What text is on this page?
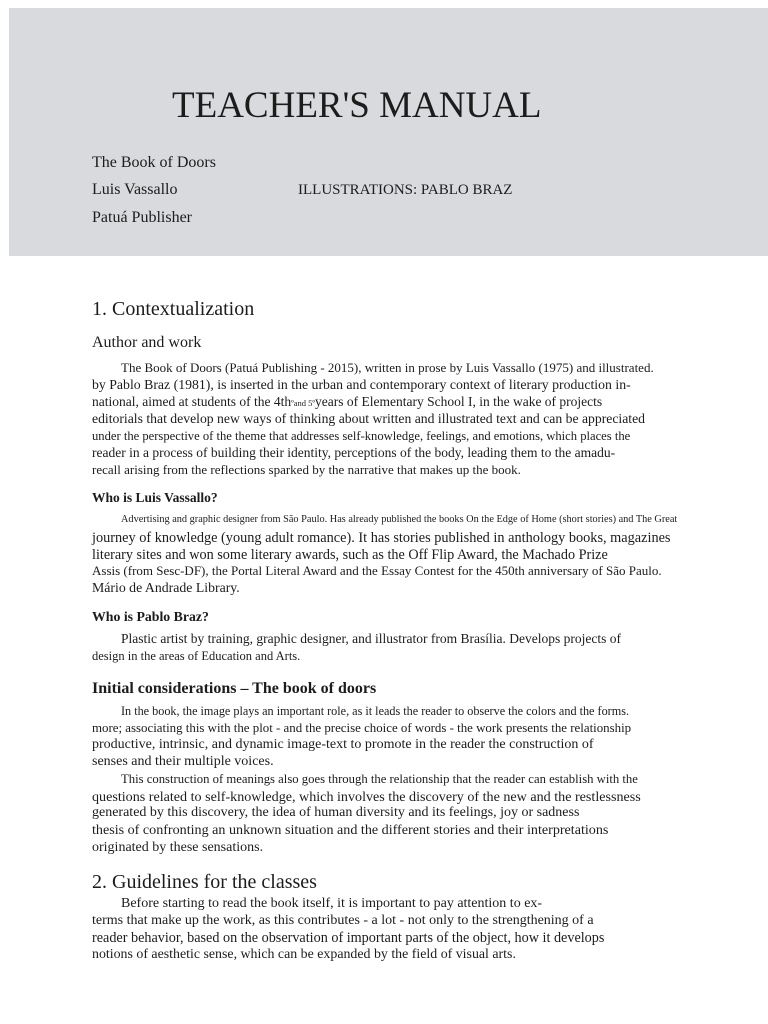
TEACHER'S MANUAL
The Book of Doors
Luis Vassallo	ILLUSTRATIONS: PABLO BRAZ
Patuá Publisher
1. Contextualization
Author and work
The Book of Doors (Patuá Publishing - 2015), written in prose by Luis Vassallo (1975) and illustrated.
by Pablo Braz (1981), is inserted in the urban and contemporary context of literary production in-
national, aimed at students of the 4thºand 5ºyears of Elementary School I, in the wake of projects
editorials that develop new ways of thinking about written and illustrated text and can be appreciated
under the perspective of the theme that addresses self-knowledge, feelings, and emotions, which places the
reader in a process of building their identity, perceptions of the body, leading them to the amadu-
recall arising from the reflections sparked by the narrative that makes up the book.
Who is Luis Vassallo?
Advertising and graphic designer from São Paulo. Has already published the books On the Edge of Home (short stories) and The Great
journey of knowledge (young adult romance). It has stories published in anthology books, magazines
literary sites and won some literary awards, such as the Off Flip Award, the Machado Prize
Assis (from Sesc-DF), the Portal Literal Award and the Essay Contest for the 450th anniversary of São Paulo.
Mário de Andrade Library.
Who is Pablo Braz?
Plastic artist by training, graphic designer, and illustrator from Brasília. Develops projects of
design in the areas of Education and Arts.
Initial considerations – The book of doors
In the book, the image plays an important role, as it leads the reader to observe the colors and the forms.
more; associating this with the plot - and the precise choice of words - the work presents the relationship
productive, intrinsic, and dynamic image-text to promote in the reader the construction of
senses and their multiple voices.
This construction of meanings also goes through the relationship that the reader can establish with the
questions related to self-knowledge, which involves the discovery of the new and the restlessness
generated by this discovery, the idea of human diversity and its feelings, joy or sadness
thesis of confronting an unknown situation and the different stories and their interpretations
originated by these sensations.
2. Guidelines for the classes
Before starting to read the book itself, it is important to pay attention to ex-
terms that make up the work, as this contributes - a lot - not only to the strengthening of a
reader behavior, based on the observation of important parts of the object, how it develops
notions of aesthetic sense, which can be expanded by the field of visual arts.
